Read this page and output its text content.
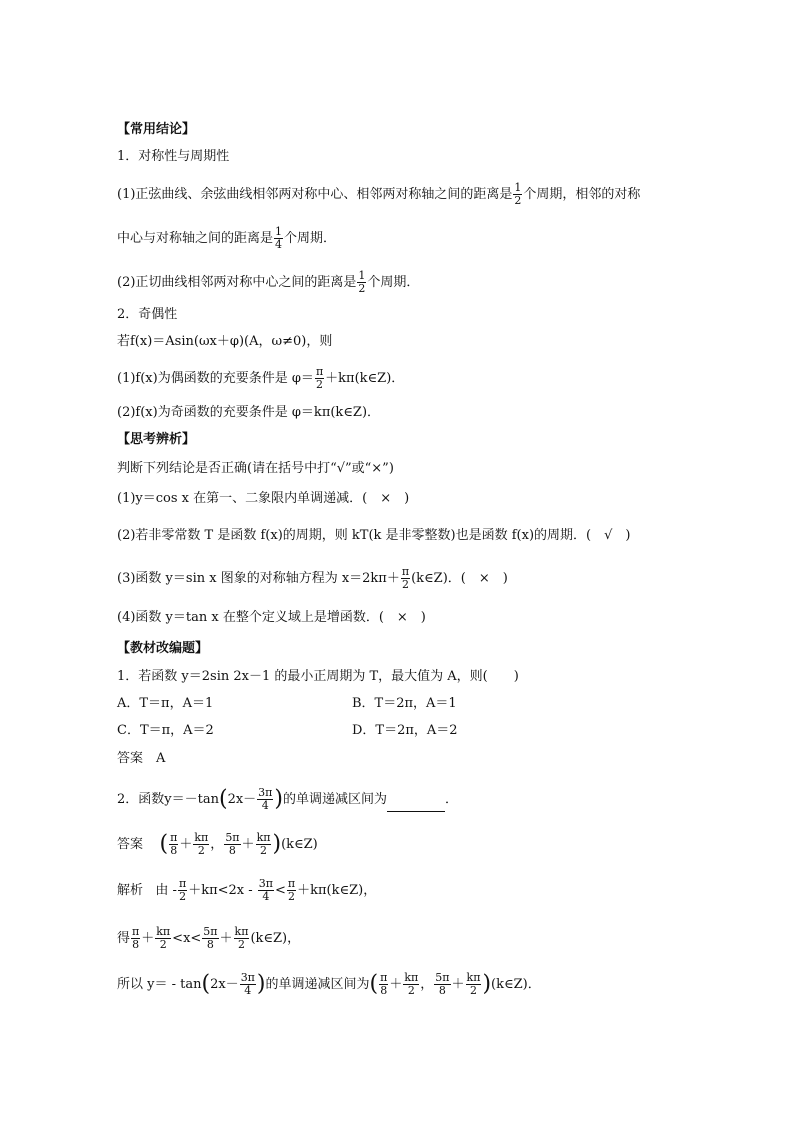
【常用结论】
1．对称性与周期性
(1)正弦曲线、余弦曲线相邻两对称中心、相邻两对称轴之间的距离是 $\frac{1}{2}$ 个周期，相邻的对称
中心与对称轴之间的距离是 $\frac{1}{4}$ 个周期．
(2)正切曲线相邻两对称中心之间的距离是 $\frac{1}{2}$ 个周期．
2．奇偶性
若f(x)＝Asin(ωx＋φ)(A，ω≠0)，则
(1)f(x)为偶函数的充要条件是 $\varphi= \frac{\pi}{2}$ ＋kπ(k∈Z)．
(2)f(x)为奇函数的充要条件是 φ＝kπ(k∈Z)．
【思考辨析】
判断下列结论是否正确(请在括号中打“√”或“×”)
(1)y＝cos x 在第一、二象限内单调递减．(　×　)
(2)若非零常数 T 是函数 f(x)的周期，则 kT(k 是非零整数)也是函数 f(x)的周期．(　√　)
(3)函数 y＝sin x 图象的对称轴方程为 $x=2k\pi+ \frac{\pi}{2}$ (k∈Z)．(　×　)
(4)函数 y＝tan x 在整个定义域上是增函数．(　×　)
【教材改编题】
1．若函数 y＝2sin 2x－1 的最小正周期为 T，最大值为 A，则(　　)
A．T＝π，A＝1	B．T＝2π，A＝1
C．T＝π，A＝2	D．T＝2π，A＝2
答案　A
2．函数$y=-\tan(2x- \frac{3\pi}{4}$ )的单调递减区间为	．
答案 ( $\frac{\pi}{8} + \frac{k\pi}{2}$ ， $\frac{5\pi}{8} + \frac{k\pi}{2}$ )(k∈Z)
解析 由 - $\frac{\pi}{2} +k\pi<2x - \frac{3\pi}{4} < \frac{\pi}{2}$ ＋kπ(k∈Z)，
得 $\frac{\pi}{8} + \frac{k\pi}{2} <x< \frac{5\pi}{8} + \frac{k\pi}{2}$ (k∈Z)，
所以 $y= - \tan(2x- \frac{3\pi}{4}$ )的单调递减区间为( $\frac{\pi}{8} + \frac{k\pi}{2}$ ， $\frac{5\pi}{8} + \frac{k\pi}{2}$ )(k∈Z)．
